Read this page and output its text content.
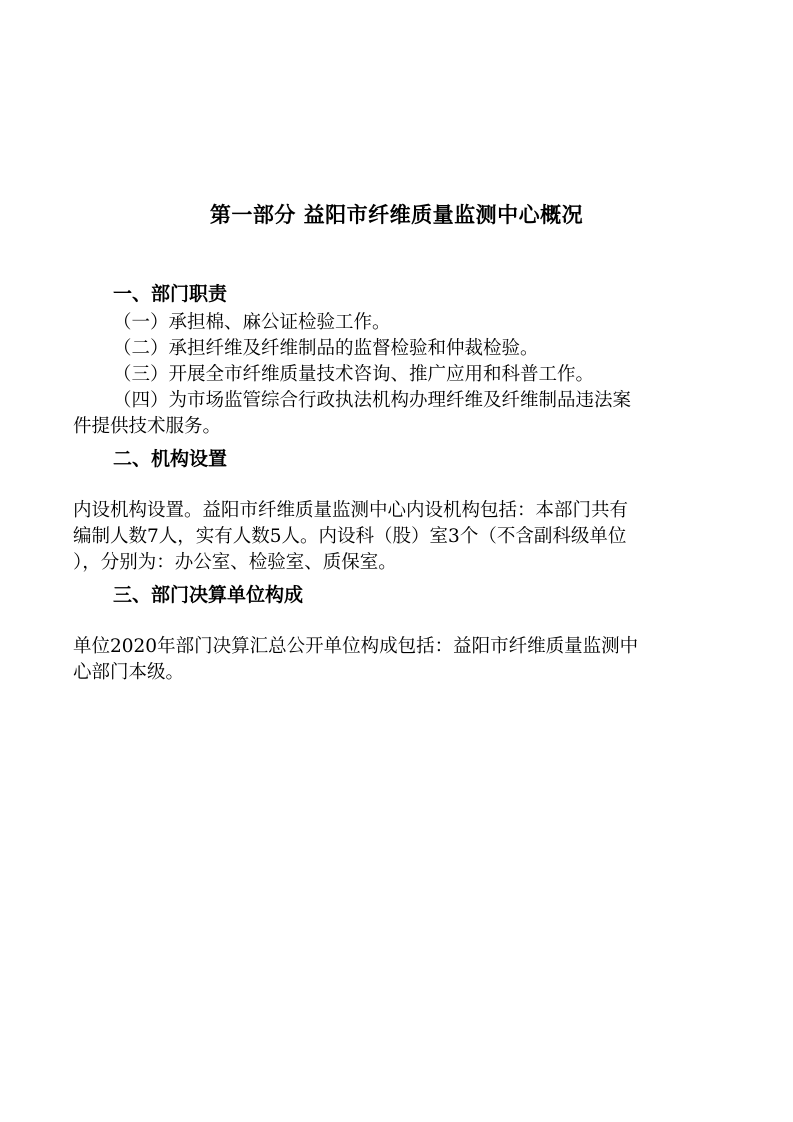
第一部分 益阳市纤维质量监测中心概况
一、部门职责
（一）承担棉、麻公证检验工作。
（二）承担纤维及纤维制品的监督检验和仲裁检验。
（三）开展全市纤维质量技术咨询、推广应用和科普工作。
（四）为市场监管综合行政执法机构办理纤维及纤维制品违法案
件提供技术服务。
二、机构设置
内设机构设置。益阳市纤维质量监测中心内设机构包括：本部门共有
编制人数7人，实有人数5人。内设科（股）室3个（不含副科级单位
），分别为：办公室、检验室、质保室。
三、部门决算单位构成
单位2020年部门决算汇总公开单位构成包括：益阳市纤维质量监测中
心部门本级。
